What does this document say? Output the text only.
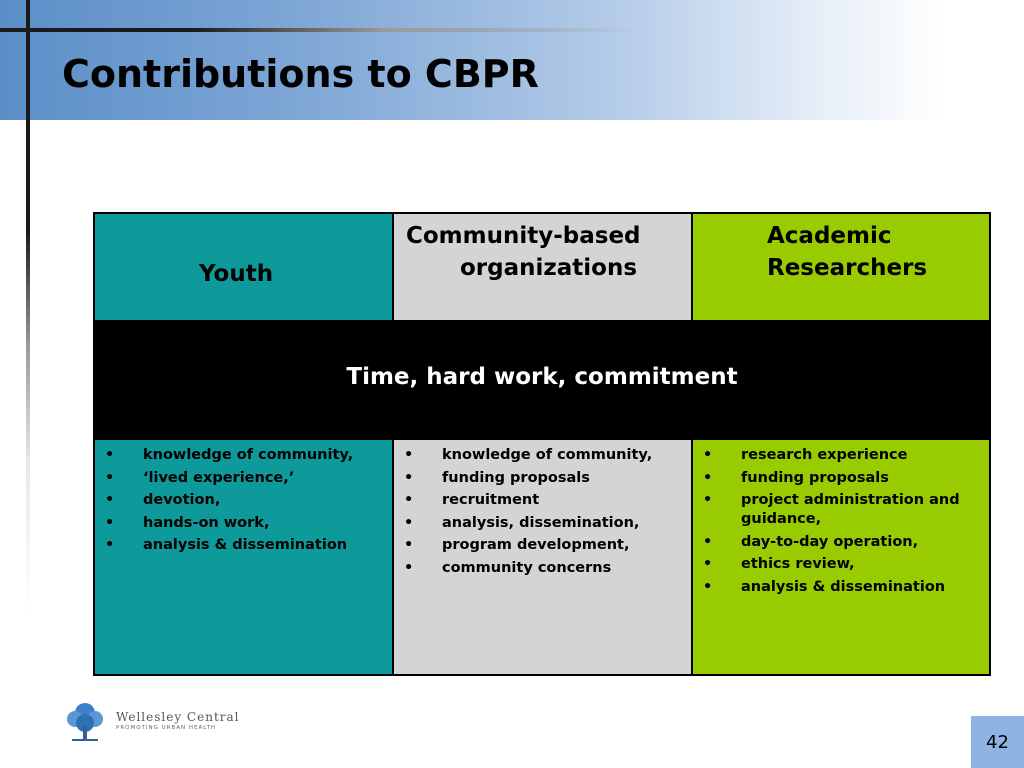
Contributions to CBPR
Youth
Community-based
organizations
Academic
Researchers
Time, hard work, commitment
• knowledge of community,
• ‘lived experience,’
• devotion,
• hands-on work,
• analysis & dissemination
• knowledge of community,
• funding proposals
• recruitment
• analysis, dissemination,
• program development,
• community concerns
• research experience
• funding proposals
• project administration and guidance,
• day-to-day operation,
• ethics review,
• analysis & dissemination
Wellesley Central
PROMOTING URBAN HEALTH
42
